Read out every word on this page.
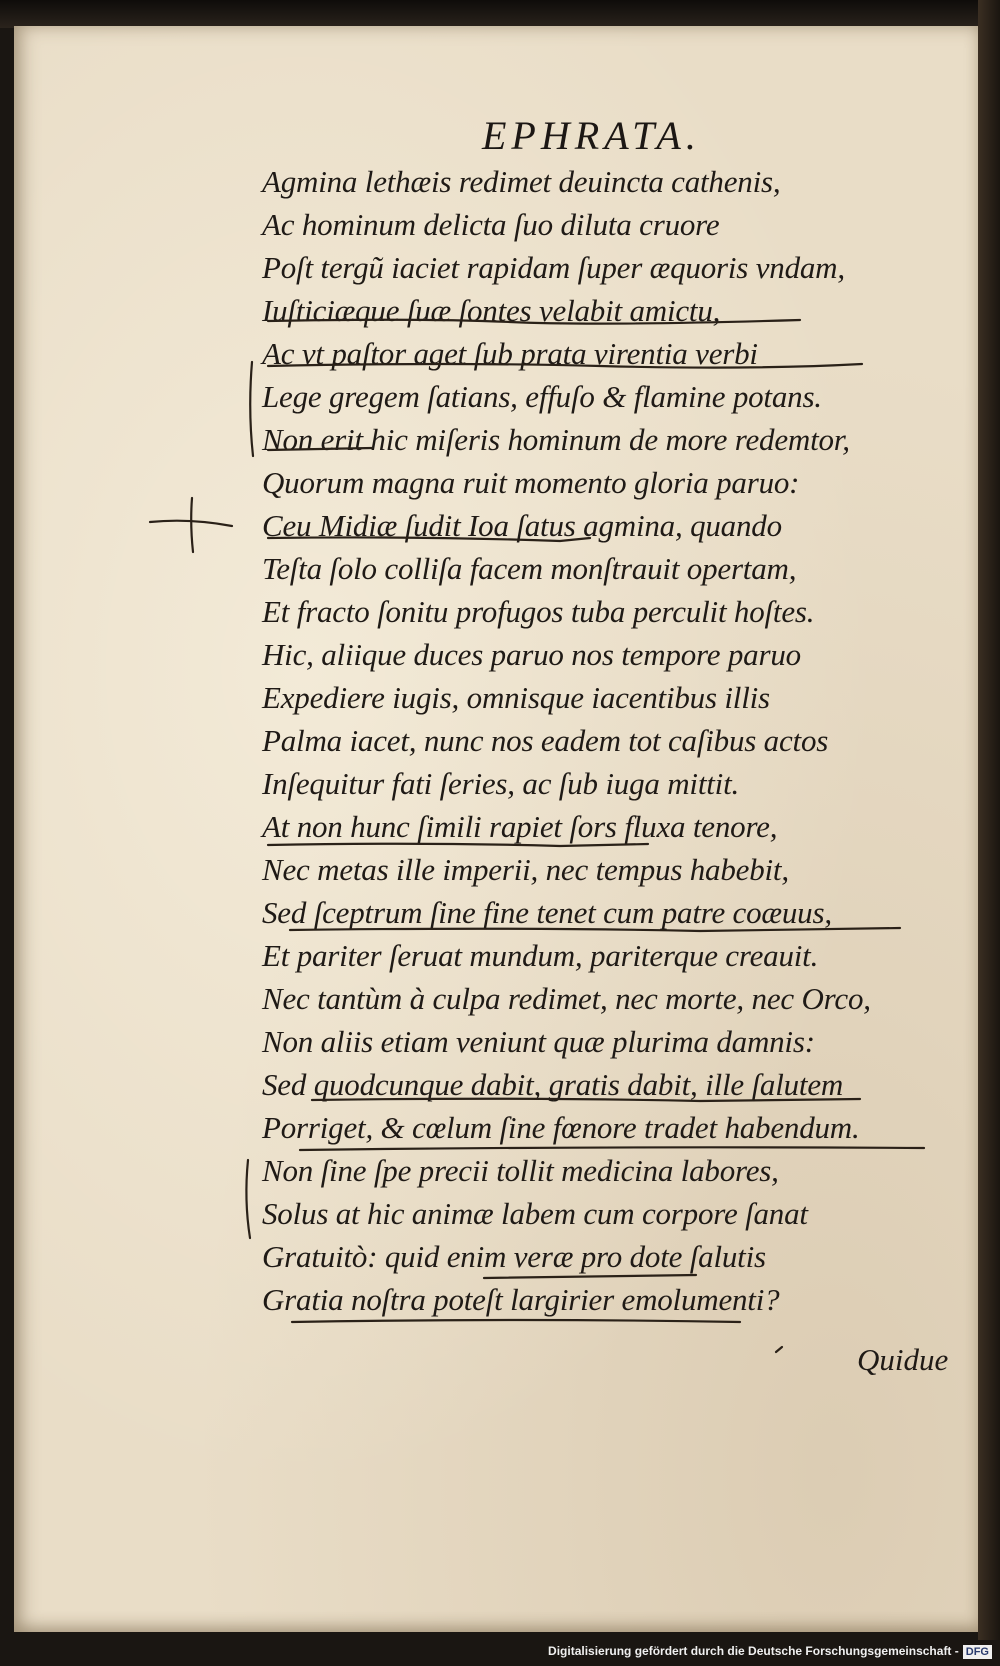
EPHRATA.
Agmina lethæis redimet deuincta cathenis,
Ac hominum delicta ſuo diluta cruore
Poſt tergũ iaciet rapidam ſuper æquoris vndam,
Iuſticiæque ſuæ ſontes velabit amictu,
Ac vt paſtor aget ſub prata virentia verbi
Lege gregem ſatians, effuſo & flamine potans.
Non erit hic miſeris hominum de more redemtor,
Quorum magna ruit momento gloria paruo:
Ceu Midiæ ſudit Ioa ſatus agmina, quando
Teſta ſolo colliſa facem monſtrauit opertam,
Et fracto ſonitu profugos tuba perculit hoſtes.
Hic, aliique duces paruo nos tempore paruo
Expediere iugis, omnisque iacentibus illis
Palma iacet, nunc nos eadem tot caſibus actos
Inſequitur fati ſeries, ac ſub iuga mittit.
At non hunc ſimili rapiet ſors fluxa tenore,
Nec metas ille imperii, nec tempus habebit,
Sed ſceptrum ſine fine tenet cum patre coæuus,
Et pariter ſeruat mundum, pariterque creauit.
Nec tantùm à culpa redimet, nec morte, nec Orco,
Non aliis etiam veniunt quæ plurima damnis:
Sed quodcunque dabit, gratis dabit, ille ſalutem
Porriget, & cœlum ſine fœnore tradet habendum.
Non ſine ſpe precii tollit medicina labores,
Solus at hic animæ labem cum corpore ſanat
Gratuitò: quid enim veræ pro dote ſalutis
Gratia noſtra poteſt largirier emolumenti?
Quidue
Digitalisierung gefördert durch die Deutsche Forschungsgemeinschaft - DFG
